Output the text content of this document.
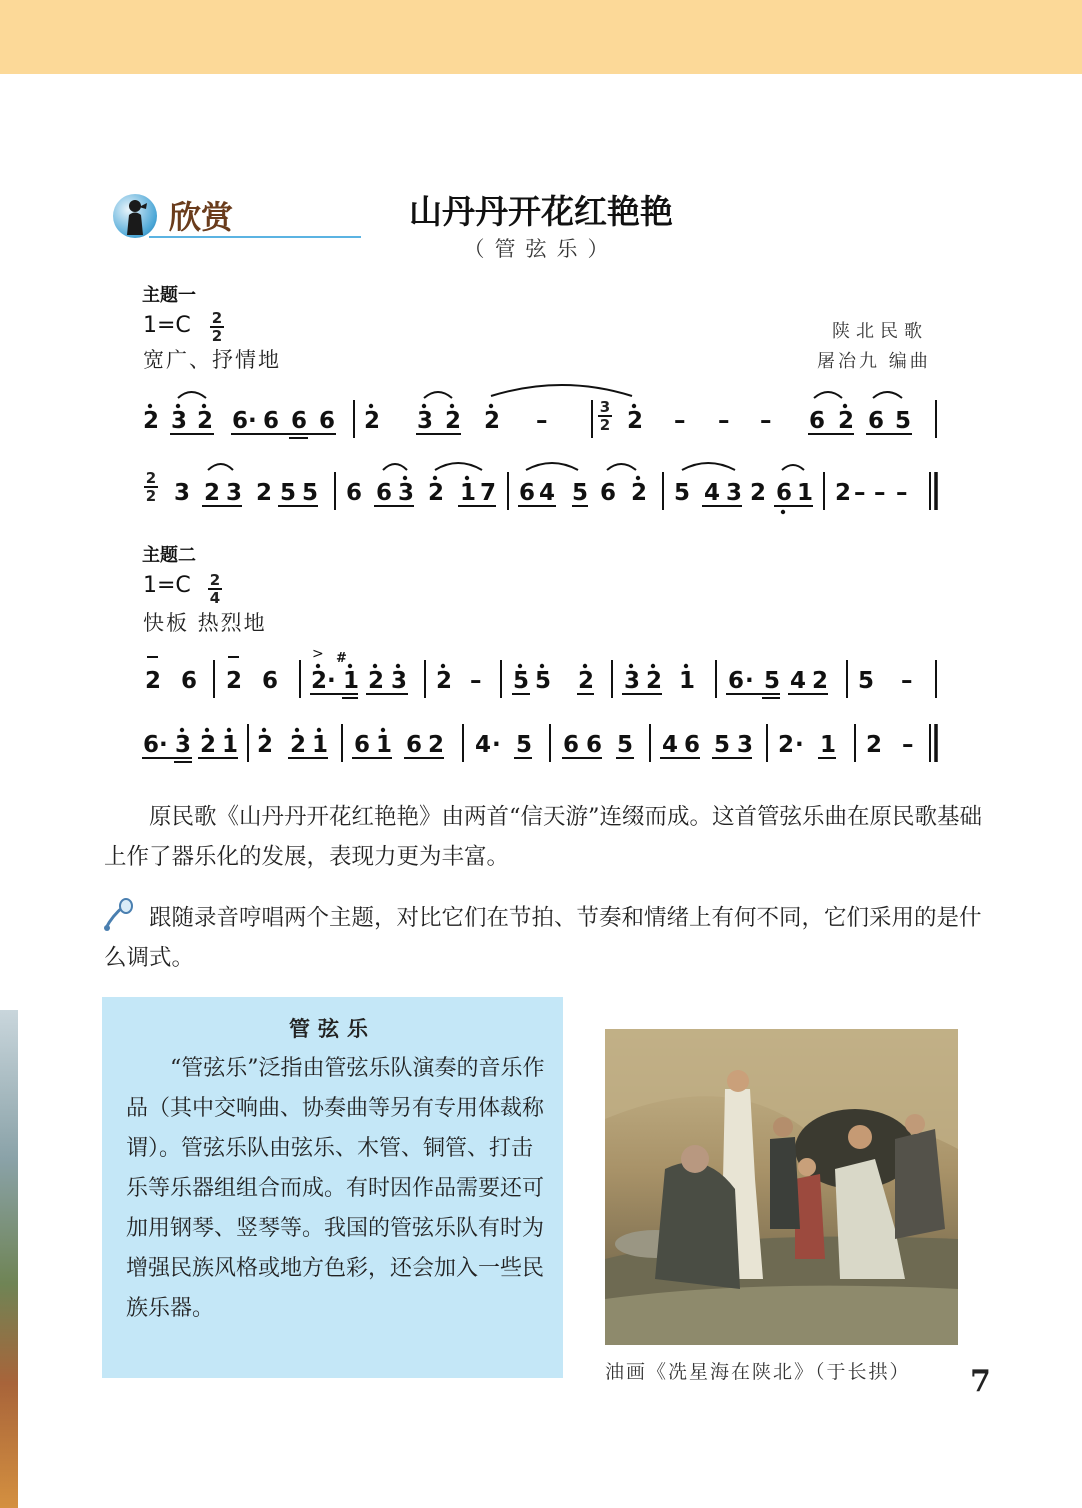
欣赏	山丹丹开花红艳艳
（管弦乐）
主题一
1=C 2
2
宽广、抒情地
陕北民歌
屠冶九 编曲
主题二
1=C 2
4
快板 热烈地
3
2
2
2
2 3 2 6 · 6 6 6 2 3 2 2 –	2 – – – 6 2 6 5
3 2 3 2 5 5 6 6 3 2 1 7 6 4 5 6 2 5 4 3 2 6 1 2 – – –
2 6 2 6 2 · 1 2 3 2 – 5 5 2 3 2 1 6 · 5 4 2 5 –
6 · 3 2 1 2 2 1 6 1 6 2 4 · 5 6 6 5 4 6 5 3 2 · 1 2 –
#
>
原民歌《山丹丹开花红艳艳》由两首“信天游”连缀而成。这首管弦乐曲在原民歌基础上作了器乐化的发展，表现力更为丰富。
跟随录音哼唱两个主题，对比它们在节拍、节奏和情绪上有何不同，它们采用的是什么调式。
管弦乐
“管弦乐”泛指由管弦乐队演奏的音乐作品（其中交响曲、协奏曲等另有专用体裁称谓）。管弦乐队由弦乐、木管、铜管、打击乐等乐器组组合而成。有时因作品需要还可加用钢琴、竖琴等。我国的管弦乐队有时为增强民族风格或地方色彩，还会加入一些民族乐器。
油画《冼星海在陕北》（于长拱） 7
